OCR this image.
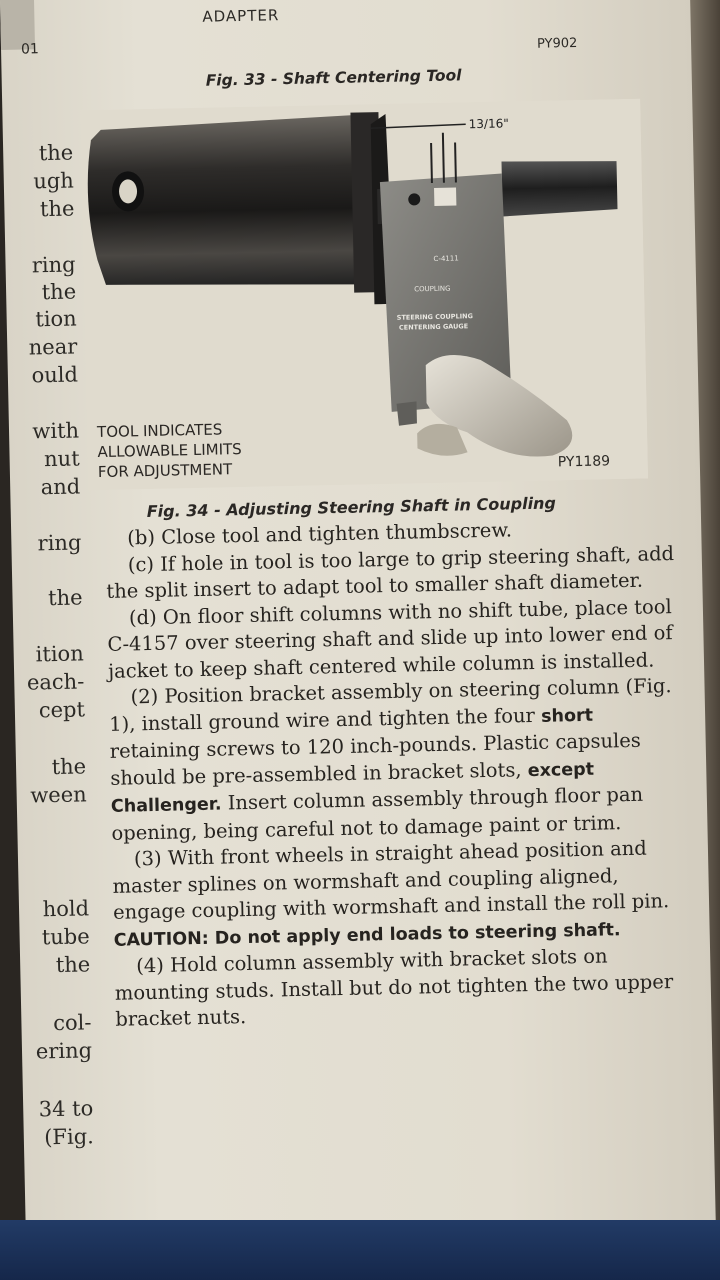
01
ADAPTER
PY902
Fig. 33 - Shaft Centering Tool
13/16"
C-4111
COUPLING
STEERING COUPLING
CENTERING GAUGE
TOOL INDICATES
ALLOWABLE LIMITS
FOR ADJUSTMENT	PY1189
Fig. 34 - Adjusting Steering Shaft in Coupling
the
ugh
the
ring
the
tion
near
ould
with
nut
and
ring
the
ition
each-
cept
the
ween
hold
tube
the
col-
ering
34 to
(Fig.

(b) Close tool and tighten thumbscrew.

(c) If hole in tool is too large to grip steering shaft, add the split insert to adapt tool to smaller shaft diameter.

(d) On floor shift columns with no shift tube, place tool C-4157 over steering shaft and slide up into lower end of jacket to keep shaft centered while column is installed.

(2) Position bracket assembly on steering column (Fig. 1), install ground wire and tighten the four short retaining screws to 120 inch-pounds. Plastic capsules should be pre-assembled in bracket slots, except Challenger. Insert column assembly through floor pan opening, being careful not to damage paint or trim.

(3) With front wheels in straight ahead position and master splines on wormshaft and coupling aligned, engage coupling with wormshaft and install the roll pin. CAUTION: Do not apply end loads to steering shaft.

(4) Hold column assembly with bracket slots on mounting studs. Install but do not tighten the two upper bracket nuts.
